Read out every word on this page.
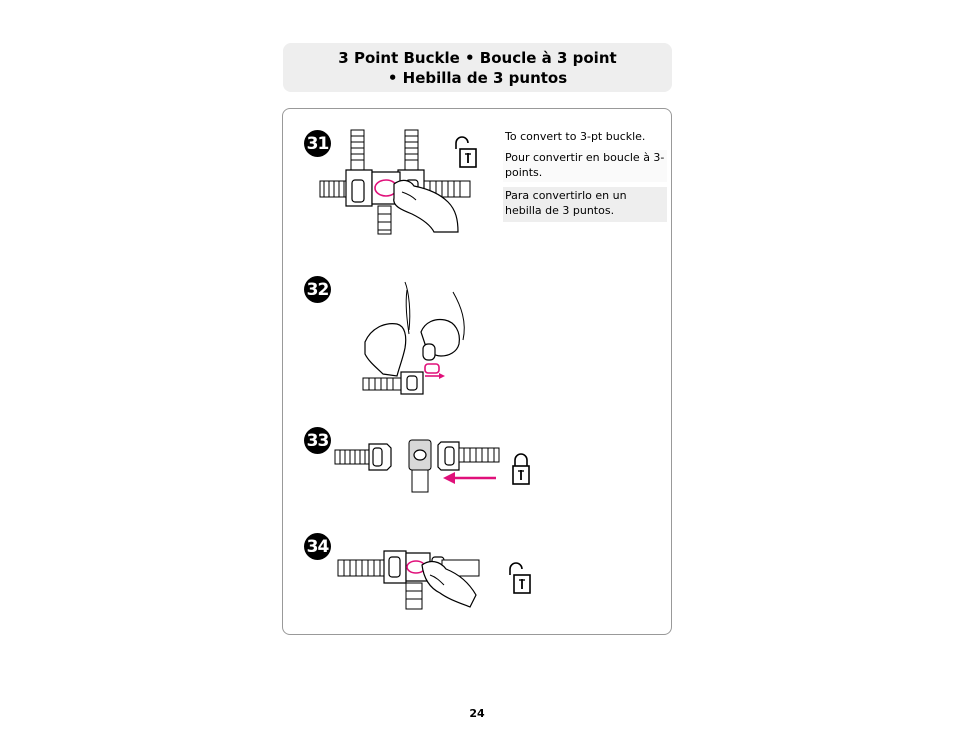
3 Point Buckle • Boucle à 3 point
• Hebilla de 3 puntos
31
32
33
34
To convert to 3-pt buckle.
Pour convertir en boucle à 3-points.
Para convertirlo en un hebilla de 3 puntos.
24
